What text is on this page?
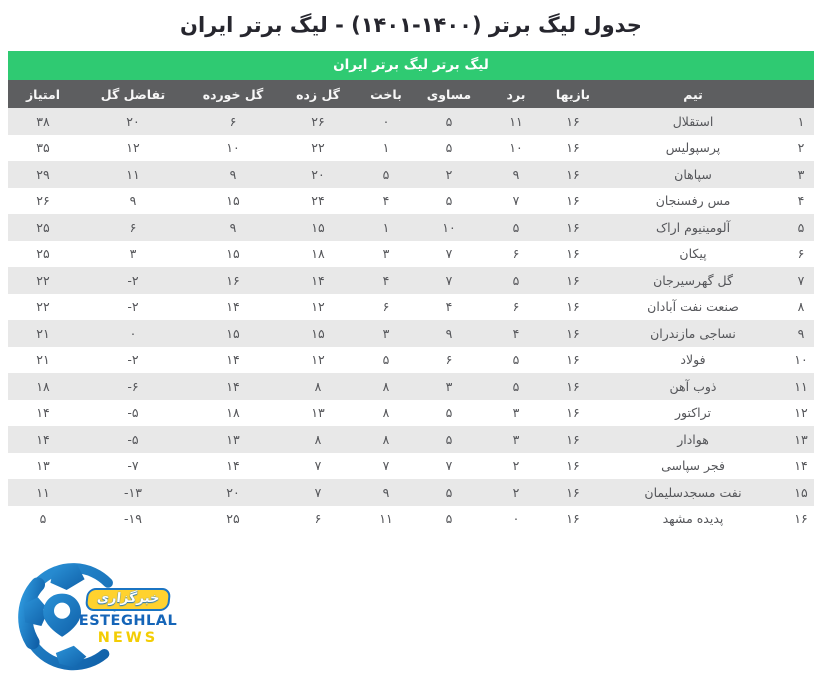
جدول لیگ برتر (۱۴۰۰-۱۴۰۱) - لیگ برتر ایران
لیگ برتر لیگ برتر ایران
	تیم	بازیها	برد	مساوی	باخت	گل زده	گل خورده	تفاضل گل	امتیاز
۱	استقلال	۱۶	۱۱	۵	۰	۲۶	۶	۲۰	۳۸
۲	پرسپولیس	۱۶	۱۰	۵	۱	۲۲	۱۰	۱۲	۳۵
۳	سپاهان	۱۶	۹	۲	۵	۲۰	۹	۱۱	۲۹
۴	مس رفسنجان	۱۶	۷	۵	۴	۲۴	۱۵	۹	۲۶
۵	آلومینیوم اراک	۱۶	۵	۱۰	۱	۱۵	۹	۶	۲۵
۶	پیکان	۱۶	۶	۷	۳	۱۸	۱۵	۳	۲۵
۷	گل گهرسیرجان	۱۶	۵	۷	۴	۱۴	۱۶	-۲	۲۲
۸	صنعت نفت آبادان	۱۶	۶	۴	۶	۱۲	۱۴	-۲	۲۲
۹	نساجی مازندران	۱۶	۴	۹	۳	۱۵	۱۵	۰	۲۱
۱۰	فولاد	۱۶	۵	۶	۵	۱۲	۱۴	-۲	۲۱
۱۱	ذوب آهن	۱۶	۵	۳	۸	۸	۱۴	-۶	۱۸
۱۲	تراکتور	۱۶	۳	۵	۸	۱۳	۱۸	-۵	۱۴
۱۳	هوادار	۱۶	۳	۵	۸	۸	۱۳	-۵	۱۴
۱۴	فجر سپاسی	۱۶	۲	۷	۷	۷	۱۴	-۷	۱۳
۱۵	نفت مسجدسلیمان	۱۶	۲	۵	۹	۷	۲۰	-۱۳	۱۱
۱۶	پدیده مشهد	۱۶	۰	۵	۱۱	۶	۲۵	-۱۹	۵
خبرگزاری
ESTEGHLAL
NEWS
